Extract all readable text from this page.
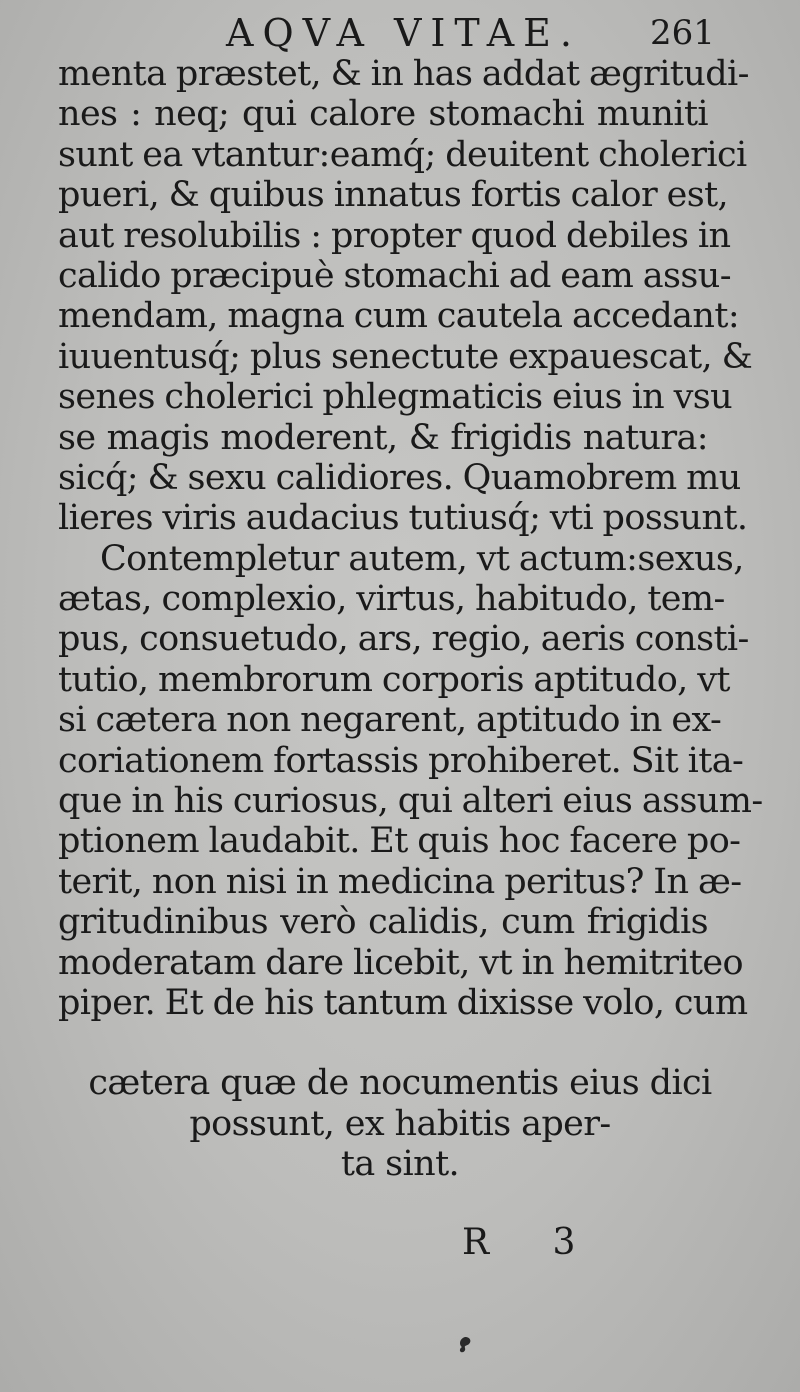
AQVA VITAE. 261
menta præstet, & in has addat ægritudi-
nes : neq; qui calore stomachi muniti
sunt ea vtantur:eamq́; deuitent cholerici
pueri, & quibus innatus fortis calor est,
aut resolubilis : propter quod debiles in
calido præcipuè stomachi ad eam assu-
mendam, magna cum cautela accedant:
iuuentusq́; plus senectute expauescat, &
senes cholerici phlegmaticis eius in vsu
se magis moderent, & frigidis natura:
sicq́; & sexu calidiores. Quamobrem mu
lieres viris audacius tutiusq́; vti possunt.
Contempletur autem, vt actum:sexus,
ætas, complexio, virtus, habitudo, tem-
pus, consuetudo, ars, regio, aeris consti-
tutio, membrorum corporis aptitudo, vt
si cætera non negarent, aptitudo in ex-
coriationem fortassis prohiberet. Sit ita-
que in his curiosus, qui alteri eius assum-
ptionem laudabit. Et quis hoc facere po-
terit, non nisi in medicina peritus? In æ-
gritudinibus verò calidis, cum frigidis
moderatam dare licebit, vt in hemitriteo
piper. Et de his tantum dixisse volo, cum
cætera quæ de nocumentis eius dici
possunt, ex habitis aper-
ta sint.
R 3
